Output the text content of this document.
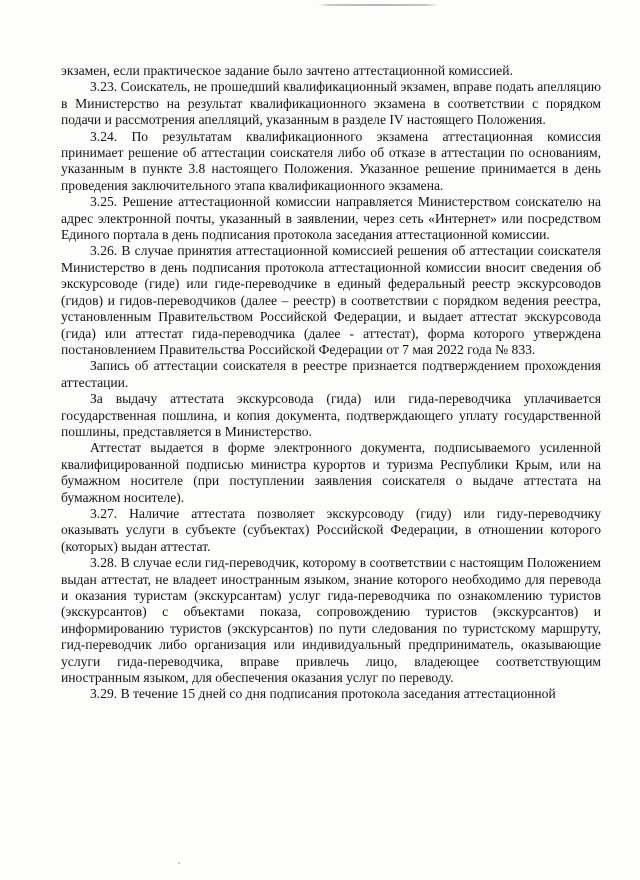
экзамен, если практическое задание было зачтено аттестационной комиссией.

3.23. Соискатель, не прошедший квалификационный экзамен, вправе подать апелляцию в Министерство на результат квалификационного экзамена в соответствии с порядком подачи и рассмотрения апелляций, указанным в разделе IV настоящего Положения.

3.24. По результатам квалификационного экзамена аттестационная комиссия принимает решение об аттестации соискателя либо об отказе в аттестации по основаниям, указанным в пункте 3.8 настоящего Положения. Указанное решение принимается в день проведения заключительного этапа квалификационного экзамена.

3.25. Решение аттестационной комиссии направляется Министерством соискателю на адрес электронной почты, указанный в заявлении, через сеть «Интернет» или посредством Единого портала в день подписания протокола заседания аттестационной комиссии.

3.26. В случае принятия аттестационной комиссией решения об аттестации соискателя Министерство в день подписания протокола аттестационной комиссии вносит сведения об экскурсоводе (гиде) или гиде-переводчике в единый федеральный реестр экскурсоводов (гидов) и гидов-переводчиков (далее – реестр) в соответствии с порядком ведения реестра, установленным Правительством Российской Федерации, и выдает аттестат экскурсовода (гида) или аттестат гида-переводчика (далее - аттестат), форма которого утверждена постановлением Правительства Российской Федерации от 7 мая 2022 года № 833.

Запись об аттестации соискателя в реестре признается подтверждением прохождения аттестации.

За выдачу аттестата экскурсовода (гида) или гида-переводчика уплачивается государственная пошлина, и копия документа, подтверждающего уплату государственной пошлины, представляется в Министерство.

Аттестат выдается в форме электронного документа, подписываемого усиленной квалифицированной подписью министра курортов и туризма Республики Крым, или на бумажном носителе (при поступлении заявления соискателя о выдаче аттестата на бумажном носителе).

3.27. Наличие аттестата позволяет экскурсоводу (гиду) или гиду-переводчику оказывать услуги в субъекте (субъектах) Российской Федерации, в отношении которого (которых) выдан аттестат.

3.28. В случае если гид-переводчик, которому в соответствии с настоящим Положением выдан аттестат, не владеет иностранным языком, знание которого необходимо для перевода и оказания туристам (экскурсантам) услуг гида-переводчика по ознакомлению туристов (экскурсантов) с объектами показа, сопровождению туристов (экскурсантов) и информированию туристов (экскурсантов) по пути следования по туристскому маршруту, гид-переводчик либо организация или индивидуальный предприниматель, оказывающие услуги гида-переводчика, вправе привлечь лицо, владеющее соответствующим иностранным языком, для обеспечения оказания услуг по переводу.

3.29. В течение 15 дней со дня подписания протокола заседания аттестационной
